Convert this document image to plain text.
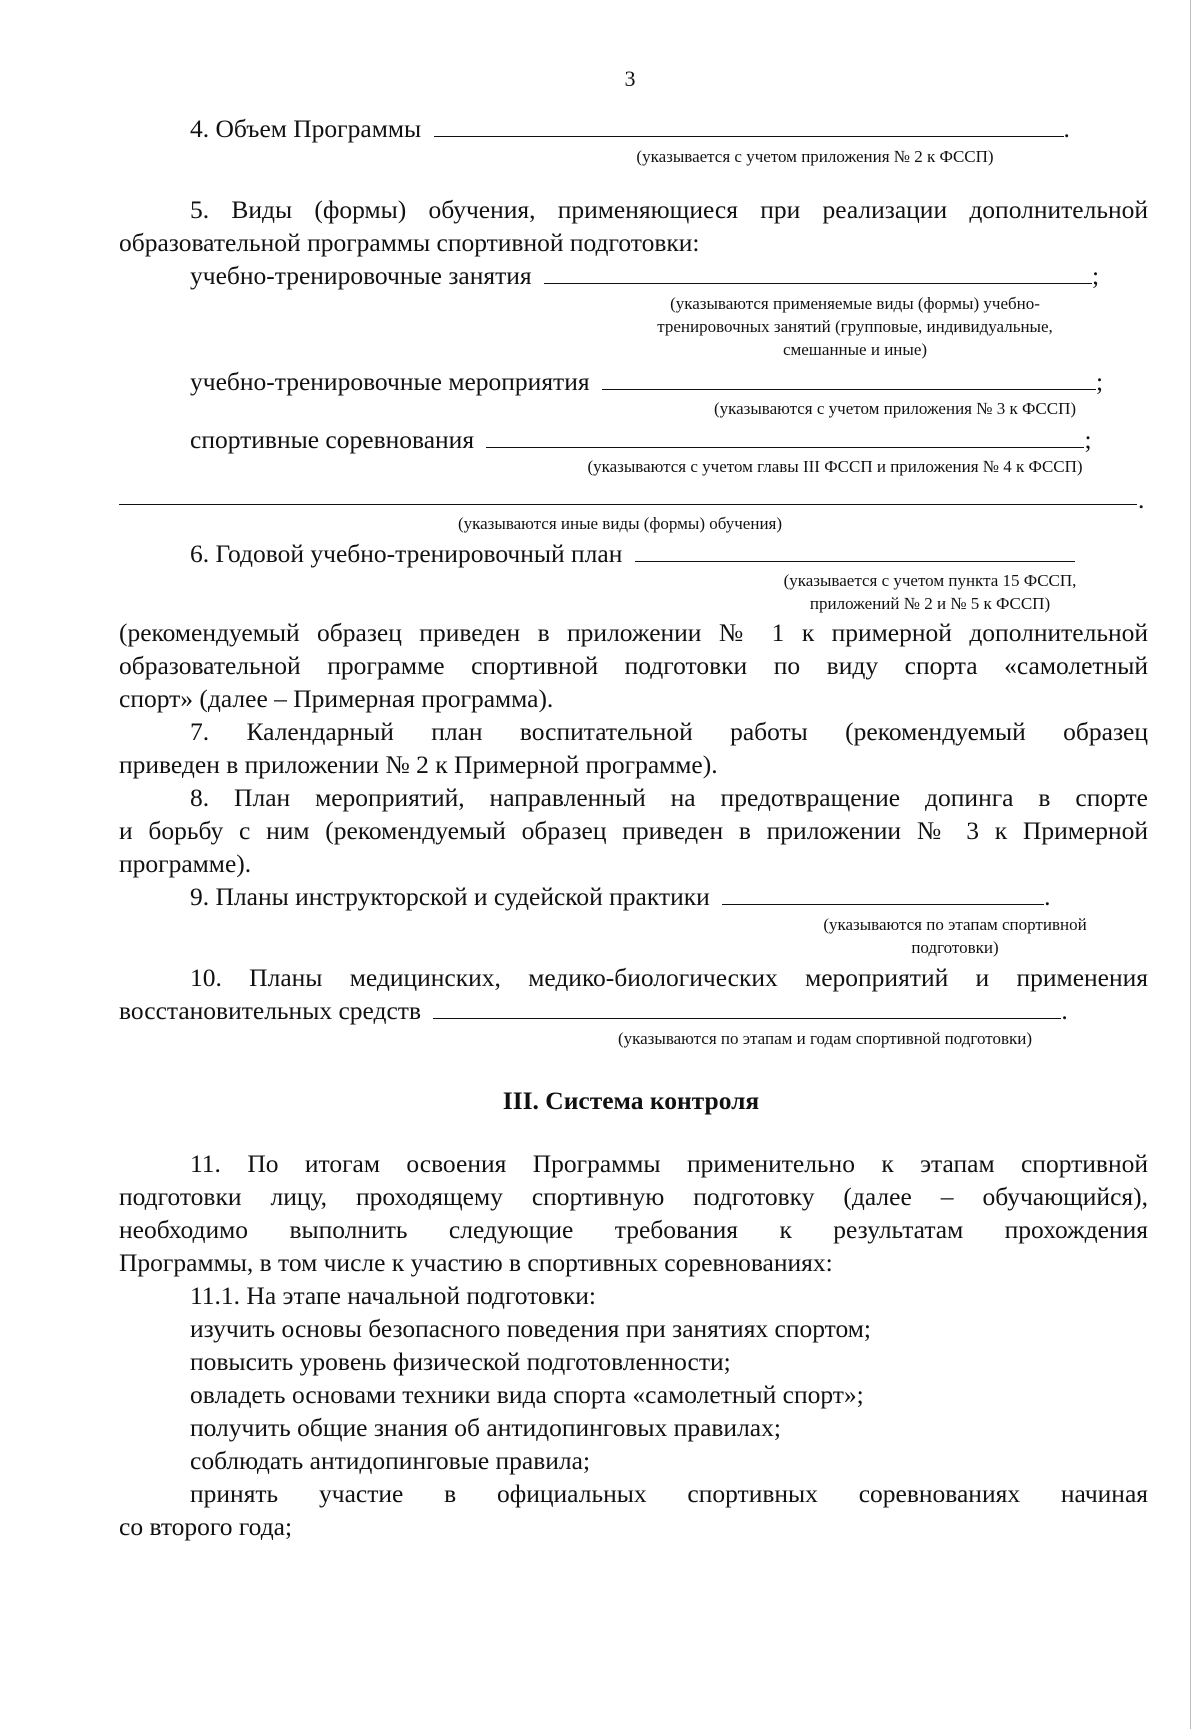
3
4. Объем Программы	.
(указывается с учетом приложения № 2 к ФССП)
5. Виды (формы) обучения, применяющиеся при реализации дополнительной
образовательной программы спортивной подготовки:
учебно-тренировочные занятия	;
(указываются применяемые виды (формы) учебно-
тренировочных занятий (групповые, индивидуальные,
смешанные и иные)
учебно-тренировочные мероприятия	;
(указываются с учетом приложения № 3 к ФССП)
спортивные соревнования	;
(указываются с учетом главы III ФССП и приложения № 4 к ФССП)
.
(указываются иные виды (формы) обучения)
6. Годовой учебно-тренировочный план
(указывается с учетом пункта 15 ФССП,
приложений № 2 и № 5 к ФССП)
(рекомендуемый образец приведен в приложении № 1 к примерной дополнительной
образовательной программе спортивной подготовки по виду спорта «самолетный
спорт» (далее – Примерная программа).
7. Календарный план воспитательной работы (рекомендуемый образец
приведен в приложении № 2 к Примерной программе).
8. План мероприятий, направленный на предотвращение допинга в спорте
и борьбу с ним (рекомендуемый образец приведен в приложении № 3 к Примерной
программе).
9. Планы инструкторской и судейской практики	.
(указываются по этапам спортивной
подготовки)
10. Планы медицинских, медико-биологических мероприятий и применения
восстановительных средств	.
(указываются по этапам и годам спортивной подготовки)
III. Система контроля
11. По итогам освоения Программы применительно к этапам спортивной
подготовки лицу, проходящему спортивную подготовку (далее – обучающийся),
необходимо выполнить следующие требования к результатам прохождения
Программы, в том числе к участию в спортивных соревнованиях:
11.1. На этапе начальной подготовки:
изучить основы безопасного поведения при занятиях спортом;
повысить уровень физической подготовленности;
овладеть основами техники вида спорта «самолетный спорт»;
получить общие знания об антидопинговых правилах;
соблюдать антидопинговые правила;
принять участие в официальных спортивных соревнованиях начиная
со второго года;
